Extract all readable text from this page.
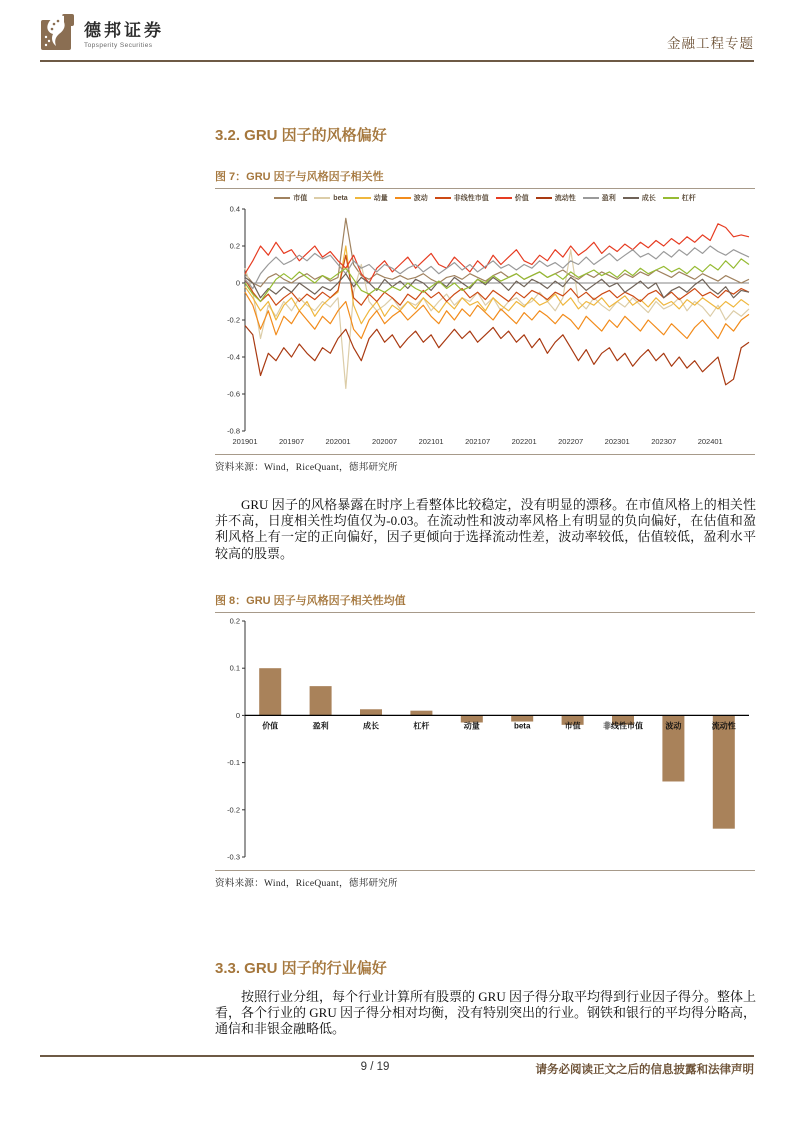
德邦证券
Topsperity Securities	金融工程专题
3.2. GRU 因子的风格偏好
图 7：GRU 因子与风格因子相关性
市值	beta	动量	波动	非线性市值	价值	流动性	盈利	成长	杠杆
0.4
0.2
0
-0.2
-0.4
-0.6
-0.8
201901	201907	202001	202007	202101	202107	202201	202207	202301	202307	202401
资料来源：Wind，RiceQuant，德邦研究所

GRU 因子的风格暴露在时序上看整体比较稳定，没有明显的漂移。在市值风格上的相关性并不高，日度相关性均值仅为-0.03。在流动性和波动率风格上有明显的负向偏好，在估值和盈利风格上有一定的正向偏好，因子更倾向于选择流动性差，波动率较低，估值较低，盈利水平较高的股票。

图 8：GRU 因子与风格因子相关性均值
0.2
0.1
0
-0.1
-0.2
-0.3
价值	盈利	成长	杠杆	动量	beta	市值	非线性市值	波动	流动性
资料来源：Wind，RiceQuant，德邦研究所
3.3. GRU 因子的行业偏好

按照行业分组，每个行业计算所有股票的 GRU 因子得分取平均得到行业因子得分。整体上看，各个行业的 GRU 因子得分相对均衡，没有特别突出的行业。钢铁和银行的平均得分略高，通信和非银金融略低。

9 / 19	请务必阅读正文之后的信息披露和法律声明
